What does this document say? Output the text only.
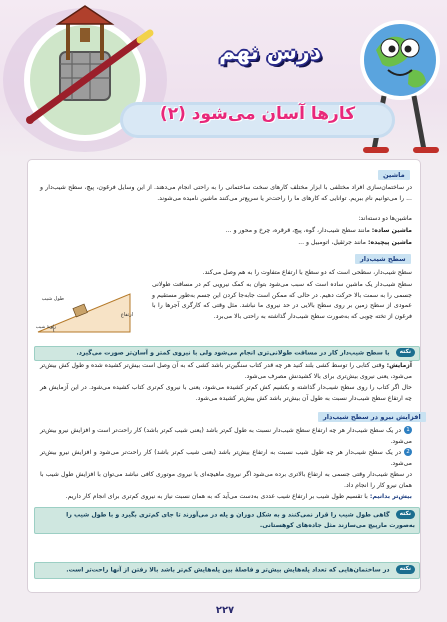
درس نهم
کارها آسان می‌شود (۲)
ماشین
در ساختمان‌سازی افراد مختلفی با ابزار مختلف کارهای سخت ساختمانی را به راحتی انجام می‌دهند. از این وسایل فرغون، پیچ، سطح شیب‌دار و ... را می‌توانیم نام ببریم. توانایی که کارهای ما را راحت‌تر یا سریع‌تر می‌کنند ماشین نامیده می‌شوند.
ماشین‌ها دو دسته‌اند:
ماشین ساده: مانند سطح شیب‌دار، گوه، پیچ، قرقره، چرخ و محور و ...
ماشین پیچیده: مانند جرثقیل، اتومبیل و ...
سطح شیب‌دار
سطح شیب‌دار، سطحی است که دو سطح با ارتفاع متفاوت را به هم وصل می‌کند.
سطح شیب‌دار یک ماشین ساده است که سبب می‌شود بتوان به کمک نیرویی کم در مسافت طولانی جسمی را به سمت بالا حرکت دهیم. در حالی که ممکن است جابه‌جا کردن این جسم به‌طور مستقیم و عمودی از سطح زمین بر روی سطح بالایی در حد نیروی ما نباشد. مثل وقتی که کارگری آجرها را با فرغون از تخته چوبی که به‌صورت سطح شیب‌دار گذاشته به راحتی بالا می‌برد.
طول شیب
ارتفاع
زاویهٔ شیب
نکته با سطح شیب‌دار کار در مسافت طولانی‌تری انجام می‌شود ولی با نیروی کمتر و آسان‌تر صورت می‌گیرد.
آزمایش: وقتی کتابی را توسط کشی بلند کنید هر چه قدر کتاب سنگین‌تر باشد کشی که به آن وصل است بیش‌تر کشیده شده و طول کش بیش‌تر می‌شود، یعنی نیروی بیش‌تری برای بالا کشیدنش مصرف می‌شود.
حال اگر کتاب را روی سطح شیب‌دار گذاشته و بکشیم کش کم‌تر کشیده می‌شود، یعنی با نیروی کم‌تری کتاب کشیده می‌شود. در این آزمایش هر چه ارتفاع سطح شیب‌دار نسبت به طول آن بیش‌تر باشد کش بیش‌تر کشیده می‌شود.
افزایش نیرو در سطح شیب‌دار
1در یک سطح شیب‌دار هر چه ارتفاع سطح شیب‌دار نسبت به طول کم‌تر باشد (یعنی شیب کم‌تر باشد) کار راحت‌تر است و افزایش نیرو بیش‌تر می‌شود.
2در یک سطح شیب‌دار هر چه طول شیب نسبت به ارتفاع بیش‌تر باشد (یعنی شیب کم‌تر باشد) کار راحت‌تر می‌شود و افزایش نیرو بیش‌تر می‌شود.
در سطح شیب‌دار وقتی جسمی به ارتفاع بالاتری برده می‌شود اگر نیروی ماهیچه‌ای یا نیروی موتوری کافی نباشد می‌توان با افزایش طول شیب با همان نیرو کار را انجام داد.
بیش‌تر بدانیم: با تقسیم طول شیب بر ارتفاع شیب عددی به‌دست می‌آید که به همان نسبت نیاز به نیروی کم‌تری برای انجام کار داریم.
نکته گاهی طول شیب را قرار نمی‌کنند و به شکل دوران و پله در می‌آورند تا جای کم‌تری بگیرد و با طول شیب را به‌صورت مارپیچ می‌سازند مثل جاده‌های کوهستانی.
نکته در ساختمان‌هایی که تعداد پله‌هایش بیش‌تر و فاصلهٔ بین پله‌هایش کم‌تر باشد بالا رفتن از آنها راحت‌تر است.
۲۲۷
